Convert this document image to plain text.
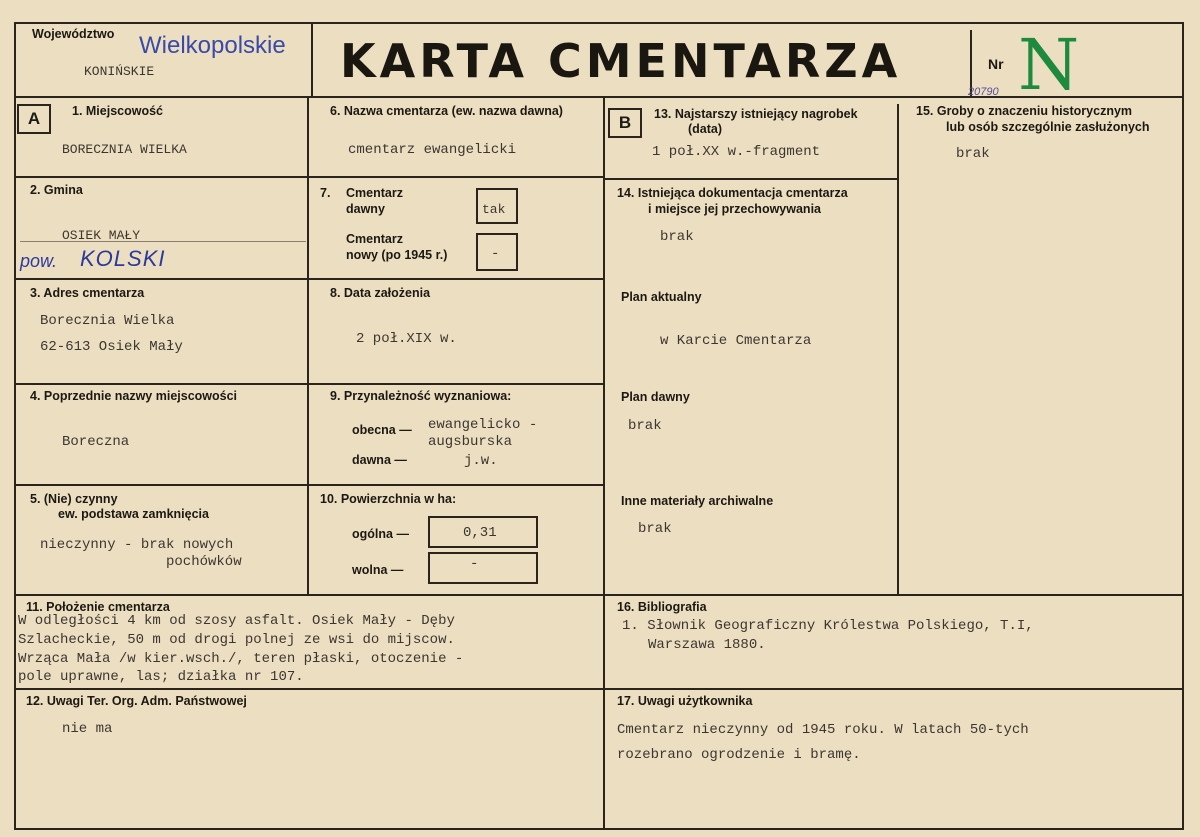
Województwo Wielkopolskie
KONIŃSKIE	KARTA CMENTARZA	Nr N
20790
A	1. Miejscowość
BORECZNIA WIELKA
2. Gmina
OSIEK MAŁY
pow. KOLSKI
3. Adres cmentarza
Borecznia Wielka
62-613 Osiek Mały
4. Poprzednie nazwy miejscowości
Boreczna
5. (Nie) czynny
ew. podstawa zamknięcia
nieczynny - brak nowych
pochówków
6. Nazwa cmentarza (ew. nazwa dawna)
cmentarz ewangelicki
7. Cmentarz
dawny	tak
Cmentarz
nowy (po 1945 r.)	-
8. Data założenia
2 poł.XIX w.
9. Przynależność wyznaniowa:
obecna — ewangelicko -
augsburska
dawna —	j.w.
10. Powierzchnia w ha:
ogólna —	0,31
wolna —	-
B	13. Najstarszy istniejący nagrobek
(data)
1 poł.XX w.-fragment
14. Istniejąca dokumentacja cmentarza
i miejsce jej przechowywania
brak
Plan aktualny
w Karcie Cmentarza
Plan dawny
brak
Inne materiały archiwalne
brak
15. Groby o znaczeniu historycznym
lub osób szczególnie zasłużonych
brak
11. Położenie cmentarza
W odległości 4 km od szosy asfalt. Osiek Mały - Dęby
Szlacheckie, 50 m od drogi polnej ze wsi do mijscow.
Wrząca Mała /w kier.wsch./, teren płaski, otoczenie -
pole uprawne, las; działka nr 107.
16. Bibliografia
1. Słownik Geograficzny Królestwa Polskiego, T.I,
Warszawa 1880.
12. Uwagi Ter. Org. Adm. Państwowej
nie ma
17. Uwagi użytkownika
Cmentarz nieczynny od 1945 roku. W latach 50-tych
rozebrano ogrodzenie i bramę.
